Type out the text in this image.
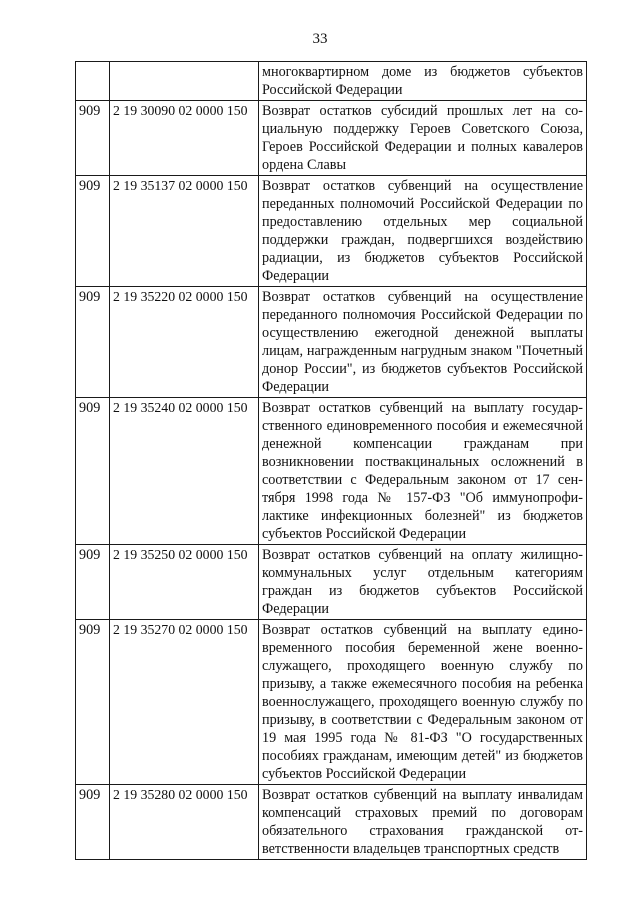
33
		многоквартирном доме из бюджетов субъектов Российской Федерации
909	2 19 30090 02 0000 150	Возврат остатков субсидий прошлых лет на социальную поддержку Героев Советского Союза, Героев Российской Федерации и полных кавалеров ордена Славы
909	2 19 35137 02 0000 150	Возврат остатков субвенций на осуществление переданных полномочий Российской Федерации по предоставлению отдельных мер социальной поддержки граждан, подвергшихся воздействию радиации, из бюджетов субъектов Российской Федерации
909	2 19 35220 02 0000 150	Возврат остатков субвенций на осуществление переданного полномочия Российской Федерации по осуществлению ежегодной денежной выплаты лицам, награжденным нагрудным знаком "Почетный донор России", из бюджетов субъектов Российской Федерации
909	2 19 35240 02 0000 150	Возврат остатков субвенций на выплату государственного единовременного пособия и ежемесячной денежной компенсации гражданам при возникновении поствакцинальных осложнений в соответствии с Федеральным законом от 17 сентября 1998 года № 157-ФЗ "Об иммунопрофилактике инфекционных болезней" из бюджетов субъектов Российской Федерации
909	2 19 35250 02 0000 150	Возврат остатков субвенций на оплату жилищно-коммунальных услуг отдельным категориям граждан из бюджетов субъектов Российской Федерации
909	2 19 35270 02 0000 150	Возврат остатков субвенций на выплату единовременного пособия беременной жене военнослужащего, проходящего военную службу по призыву, а также ежемесячного пособия на ребенка военнослужащего, проходящего военную службу по призыву, в соответствии с Федеральным законом от 19 мая 1995 года № 81-ФЗ "О государственных пособиях гражданам, имеющим детей" из бюджетов субъектов Российской Федерации
909	2 19 35280 02 0000 150	Возврат остатков субвенций на выплату инвалидам компенсаций страховых премий по договорам обязательного страхования гражданской ответственности владельцев транспортных средств
